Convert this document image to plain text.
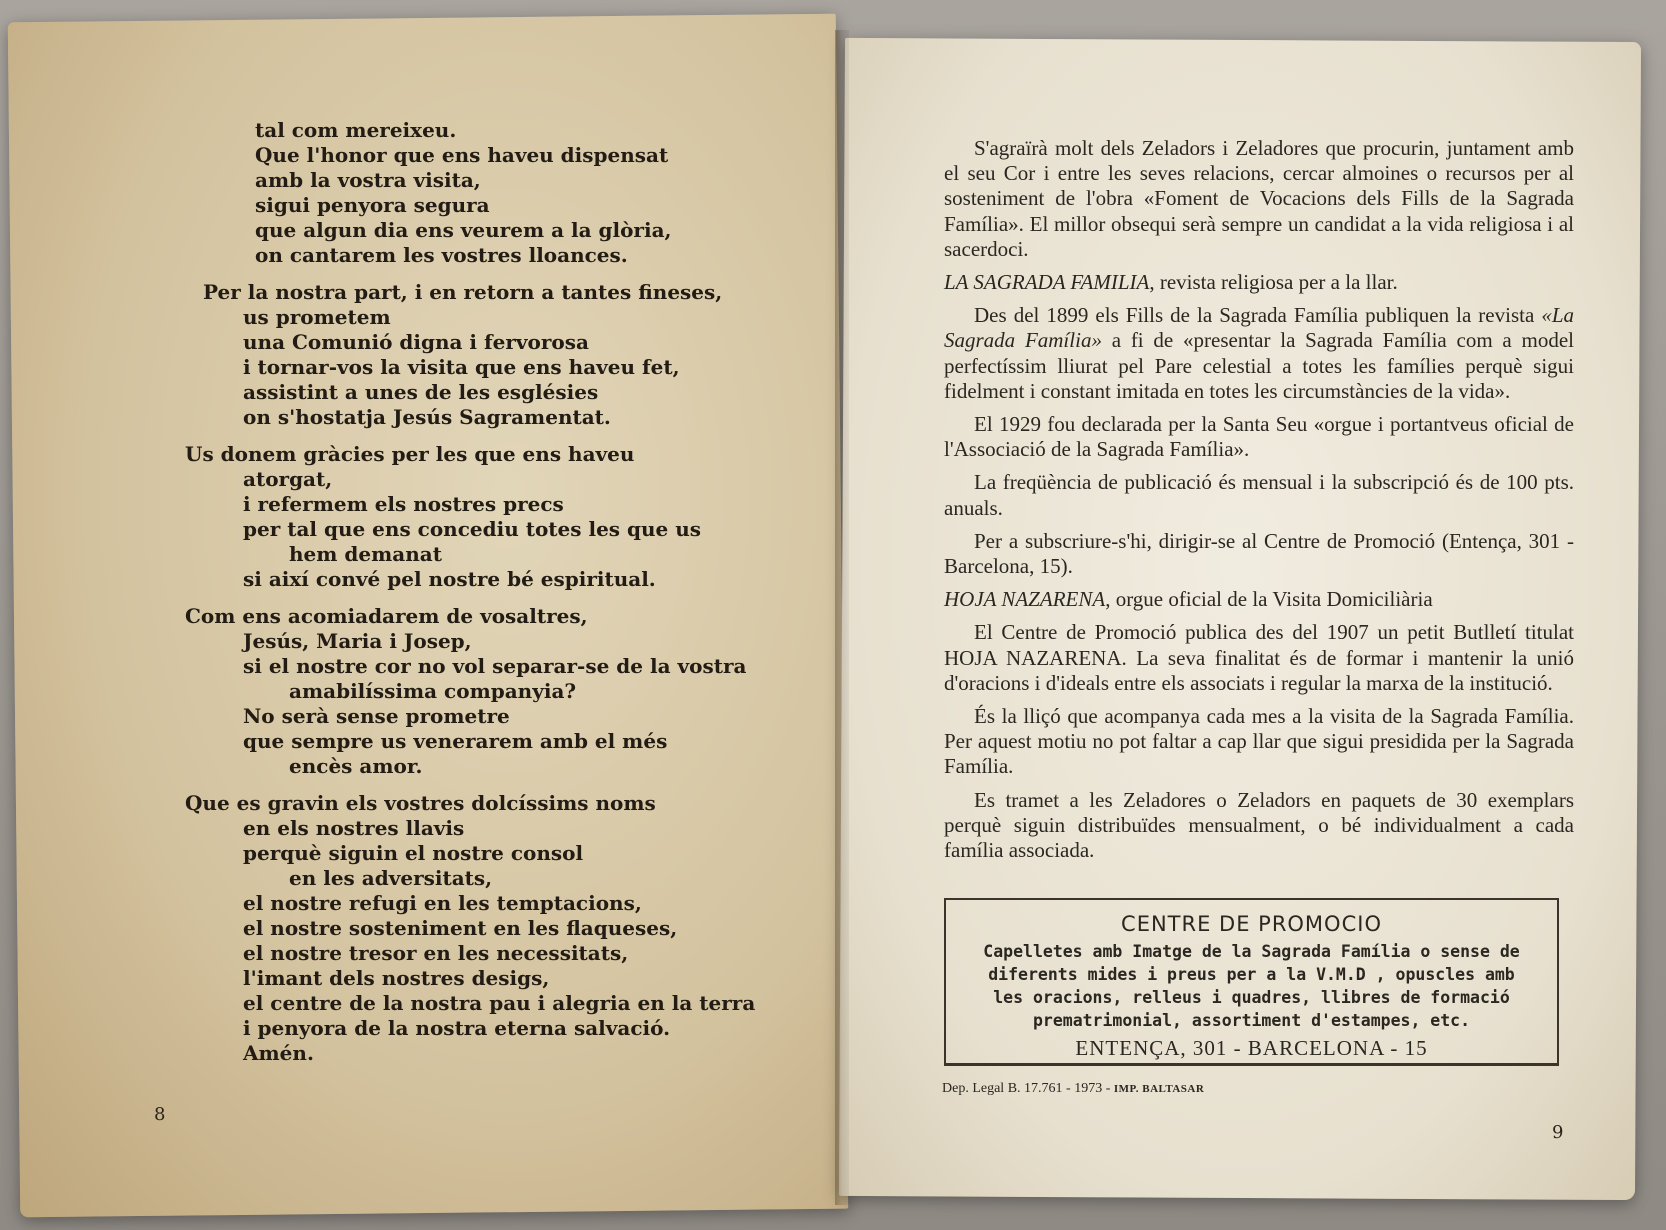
tal com mereixeu.
Que l'honor que ens haveu dispensat
amb la vostra visita,
sigui penyora segura
que algun dia ens veurem a la glòria,
on cantarem les vostres lloances.
Per la nostra part, i en retorn a tantes fineses,
us prometem
una Comunió digna i fervorosa
i tornar-vos la visita que ens haveu fet,
assistint a unes de les esglésies
on s'hostatja Jesús Sagramentat.
Us donem gràcies per les que ens haveu
atorgat,
i refermem els nostres precs
per tal que ens concediu totes les que us
hem demanat
si així convé pel nostre bé espiritual.
Com ens acomiadarem de vosaltres,
Jesús, Maria i Josep,
si el nostre cor no vol separar-se de la vostra
amabilíssima companyia?
No serà sense prometre
que sempre us venerarem amb el més
encès amor.
Que es gravin els vostres dolcíssims noms
en els nostres llavis
perquè siguin el nostre consol
en les adversitats,
el nostre refugi en les temptacions,
el nostre sosteniment en les flaqueses,
el nostre tresor en les necessitats,
l'imant dels nostres desigs,
el centre de la nostra pau i alegria en la terra
i penyora de la nostra eterna salvació.
Amén.
8

S'agraïrà molt dels Zeladors i Zeladores que procurin, juntament amb el seu Cor i entre les seves relacions, cercar almoines o recursos per al sosteniment de l'obra «Foment de Vocacions dels Fills de la Sagrada Família». El millor obsequi serà sempre un candidat a la vida religiosa i al sacerdoci.

LA SAGRADA FAMILIA, revista religiosa per a la llar.

Des del 1899 els Fills de la Sagrada Família publiquen la revista «La Sagrada Família» a fi de «presentar la Sagrada Família com a model perfectíssim lliurat pel Pare celestial a totes les famílies perquè sigui fidelment i constant imitada en totes les circumstàncies de la vida».

El 1929 fou declarada per la Santa Seu «orgue i portantveus oficial de l'Associació de la Sagrada Família».

La freqüència de publicació és mensual i la subscripció és de 100 pts. anuals.

Per a subscriure-s'hi, dirigir-se al Centre de Promoció (Entença, 301 - Barcelona, 15).

HOJA NAZARENA, orgue oficial de la Visita Domiciliària

El Centre de Promoció publica des del 1907 un petit Butlletí titulat HOJA NAZARENA. La seva finalitat és de formar i mantenir la unió d'oracions i d'ideals entre els associats i regular la marxa de la institució.

És la lliçó que acompanya cada mes a la visita de la Sagrada Família. Per aquest motiu no pot faltar a cap llar que sigui presidida per la Sagrada Família.

Es tramet a les Zeladores o Zeladors en paquets de 30 exemplars perquè siguin distribuïdes mensualment, o bé individualment a cada família associada.

CENTRE DE PROMOCIO
Capelletes amb Imatge de la Sagrada Família o sense de diferents mides i preus per a la V.M.D , opuscles amb les oracions, relleus i quadres, llibres de formació prematrimonial, assortiment d'estampes, etc.
ENTENÇA, 301 - BARCELONA - 15
Dep. Legal B. 17.761 - 1973 - IMP. BALTASAR
9
